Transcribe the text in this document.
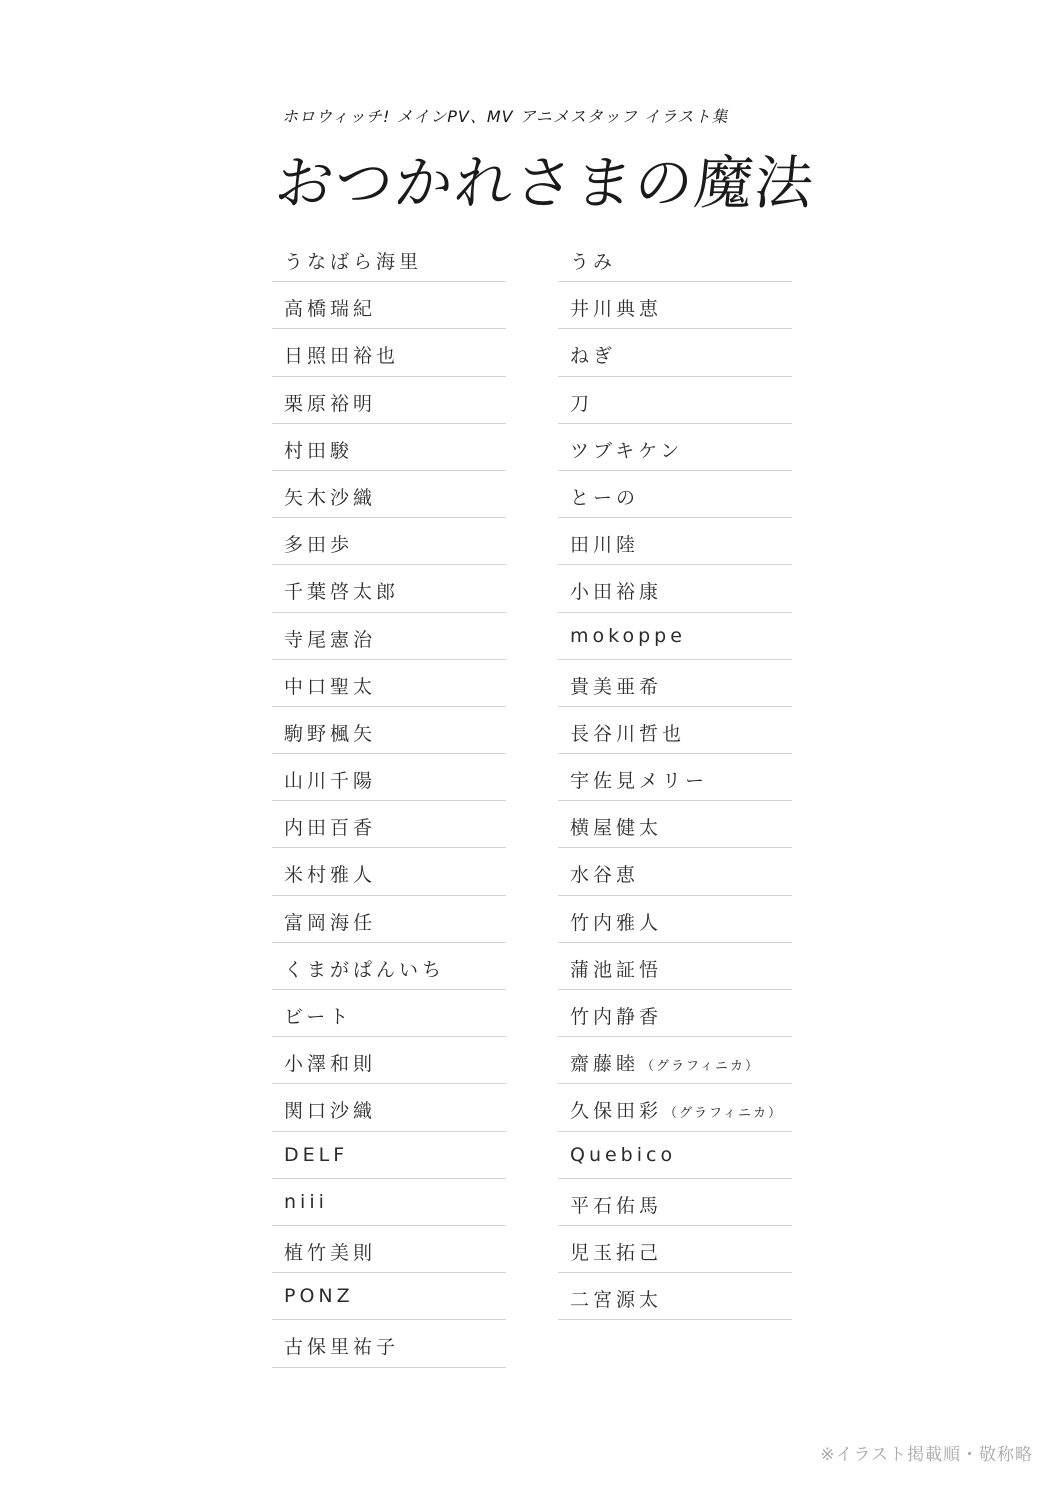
ホロウィッチ! メインPV、MV アニメスタッフ イラスト集
おつかれさまの魔法
うなばら海里
高橋瑞紀
日照田裕也
栗原裕明
村田駿
矢木沙織
多田歩
千葉啓太郎
寺尾憲治
中口聖太
駒野楓矢
山川千陽
内田百香
米村雅人
富岡海任
くまがぱんいち
ビート
小澤和則
関口沙織
DELF
niii
植竹美則
PONZ
古保里祐子
うみ
井川典恵
ねぎ
刀
ツブキケン
とーの
田川陸
小田裕康
mokoppe
貴美亜希
長谷川哲也
宇佐見メリー
横屋健太
水谷恵
竹内雅人
蒲池証悟
竹内静香
齋藤睦 （グラフィニカ）
久保田彩 （グラフィニカ）
Quebico
平石佑馬
児玉拓己
二宮源太
※イラスト掲載順・敬称略
